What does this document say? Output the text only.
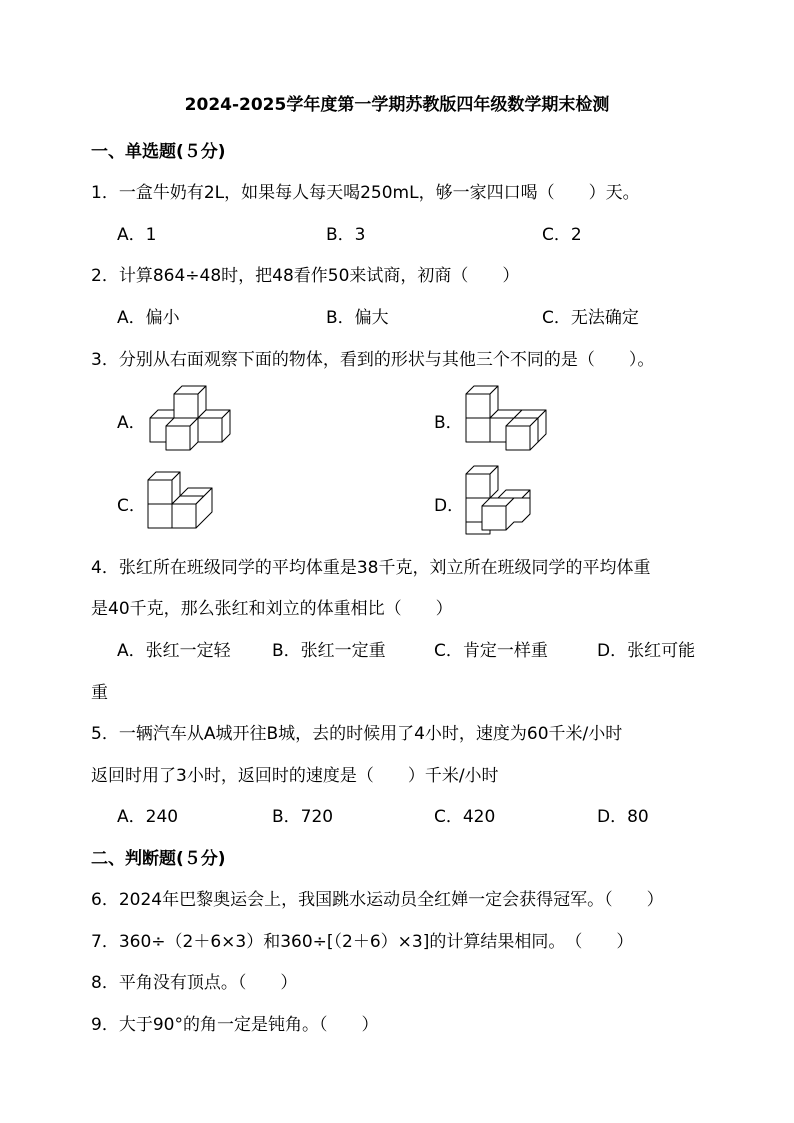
2024-2025学年度第一学期苏教版四年级数学期末检测
一、单选题(５分)
1．一盒牛奶有2L，如果每人每天喝250mL，够一家四口喝（　　）天。
A．1	B．3	C．2
2．计算864÷48时，把48看作50来试商，初商（　　）
A．偏小	B．偏大	C．无法确定
3．分别从右面观察下面的物体，看到的形状与其他三个不同的是（　　）。
A．	B．
C．	D．
4．张红所在班级同学的平均体重是38千克，刘立所在班级同学的平均体重
是40千克，那么张红和刘立的体重相比（　　）
A．张红一定轻 B．张红一定重	C．肯定一样重	D．张红可能
重
5．一辆汽车从A城开往B城，去的时候用了4小时，速度为60千米/小时
返回时用了3小时，返回时的速度是（　　）千米/小时
A．240	B．720	C．420	D．80
二、判断题(５分)
6．2024年巴黎奥运会上，我国跳水运动员全红婵一定会获得冠军。（　　）
7．360÷（2＋6×3）和360÷[（2＋6）×3]的计算结果相同。　（　　）
8．平角没有顶点。（　　）
9．大于90°的角一定是钝角。（　　）
